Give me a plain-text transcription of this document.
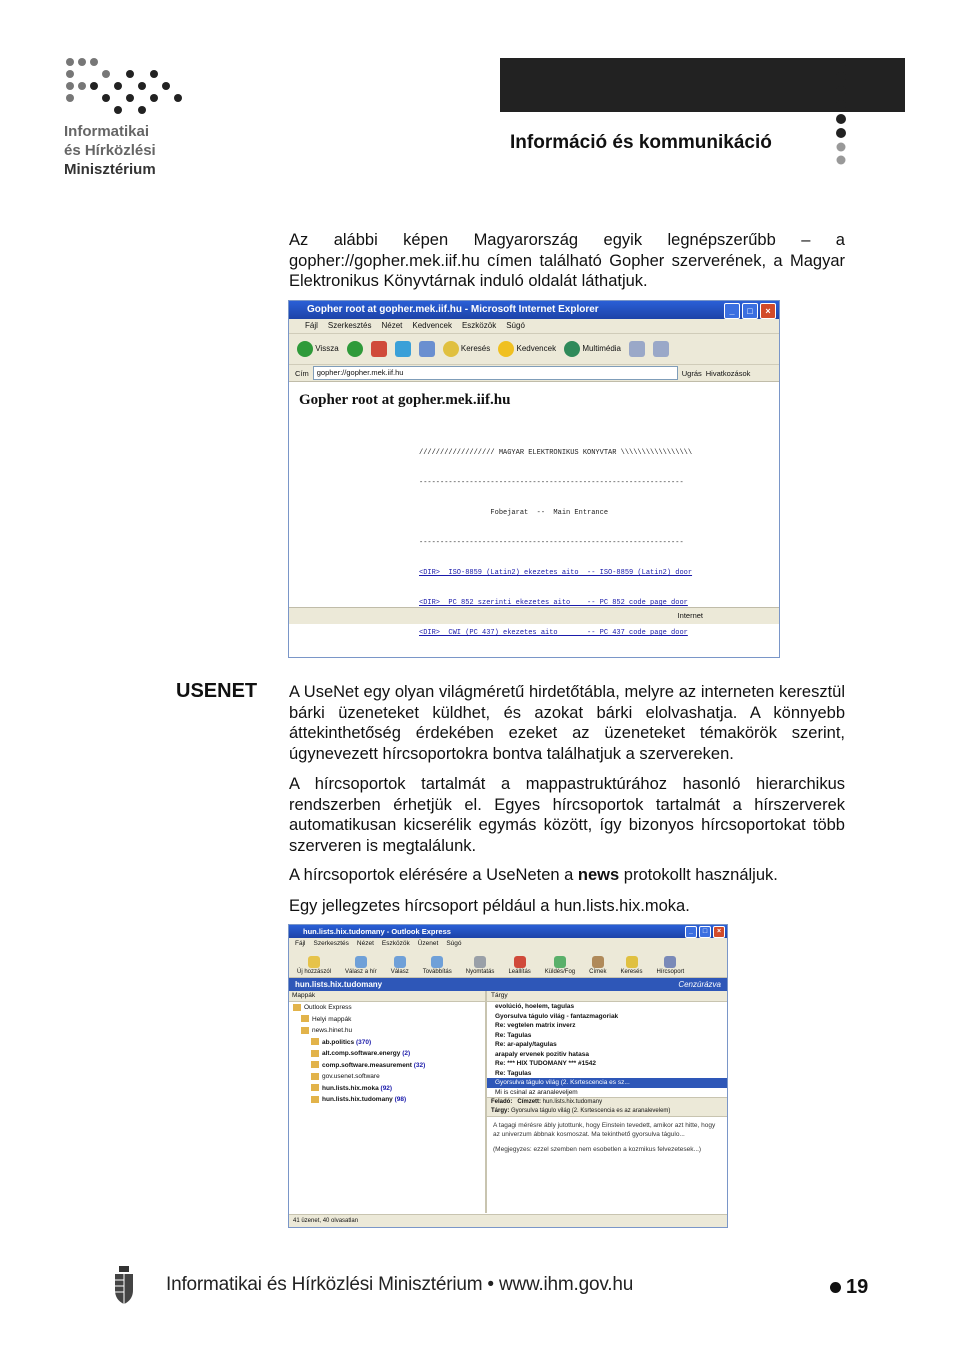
Informatikai
és Hírközlési
Minisztérium
Információ és kommunikáció
Az alábbi képen Magyarország egyik legnépszerűbb – a gopher://gopher.mek.iif.hu címen található Gopher szerverének, a Magyar Elektronikus Könyvtárnak induló oldalát láthatjuk.
Gopher root at gopher.mek.iif.hu - Microsoft Internet Explorer	_	□	×
Fájl Szerkesztés Nézet Kedvencek Eszközök Súgó
Vissza	Keresés	Kedvencek	Multimédia
Cím	gopher://gopher.mek.iif.hu	Ugrás Hivatkozások
Gopher root at gopher.mek.iif.hu

////////////////// MAGYAR ELEKTRONIKUS KONYVTAR \\\\\\\\\\\\\\\\\

---------------------------------------------------------------

Fobejarat  --  Main Entrance

---------------------------------------------------------------

<DIR>  ISO-8859 (Latin2) ekezetes aito  -- ISO-8859 (Latin2) door

<DIR>  PC 852 szerinti ekezetes aito    -- PC 852 code page door

<DIR>  CWI (PC 437) ekezetes aito       -- PC 437 code page door

Internet
USENET A UseNet egy olyan világméretű hirdetőtábla, melyre az interneten keresztül bárki üzeneteket küldhet, és azokat bárki elolvashatja. A könnyebb áttekinthetőség érdekében ezeket az üzeneteket témakörök szerint, úgynevezett hírcsoportokra bontva találhatjuk a szervereken.
A hírcsoportok tartalmát a mappastruktúrához hasonló hierarchikus rendszerben érhetjük el. Egyes hírcsoportok tartalmát a hírszerverek automatikusan kicserélik egymás között, így bizonyos hírcsoportokat több szerveren is megtalálunk.
A hírcsoportok elérésére a UseNeten a news protokollt használjuk.
Egy jellegzetes hírcsoport például a hun.lists.hix.moka.
hun.lists.hix.tudomany - Outlook Express	_	□	×
Fájl Szerkesztés Nézet Eszközök Üzenet Súgó
Új hozzászól Válasz a hír Válasz Továbbítás Nyomtatás Leállítás Küldés/Fog Címek Keresés Hírcsoport
hun.lists.hix.tudomany	Cenzúrázva
Mappák
Outlook Express
Helyi mappák
news.hinet.hu
ab.politics (370)
alt.comp.software.energy (2)
comp.software.measurement (32)
gov.usenet.software
hun.lists.hix.moka (92)
hun.lists.hix.tudomany (98)
Tárgy
evolúció, hoelem, tagulas
Gyorsulva tágulo világ - fantazmagoriak
Re: vegtelen matrix inverz
Re: Tagulas
Re: ar-apaly/tagulas
arapaly ervenek pozitiv hatasa
Re: *** HIX TUDOMANY *** #1542
Re: Tagulas
Gyorsulva tágulo világ (2. Ksrtescencia es sz...
Mi is csinal az aranaleveljem
Feladó: Címzett: hun.lists.hix.tudomany
Tárgy: Gyorsulva tágulo világ (2. Ksrtescencia es az aranalevelem)
A tagagi mérésre ábly jutottunk, hogy Einstein tevedett, amikor azt hitte, hogy az univerzum ábbnak kosmoszat. Ma tekinthető gyorsulva tágulo...
(Megjegyzes: ezzel szemben nem esobetlen a kozmikus felvezetesek...)
41 üzenet, 40 olvasatlan
Informatikai és Hírközlési Minisztérium • www.ihm.gov.hu	19
